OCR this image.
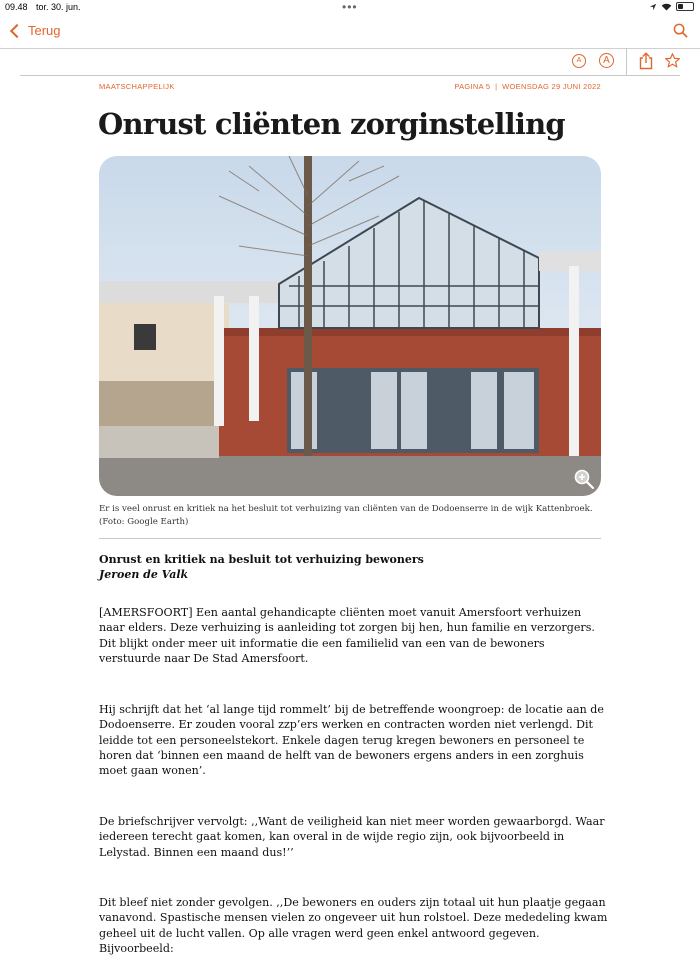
09.48 tor. 30. jun.	•••
Terug
A	A
MAATSCHAPPELIJK	PAGINA 5  |  WOENSDAG 29 JUNI 2022
Onrust cliënten zorginstelling
Er is veel onrust en kritiek na het besluit tot verhuizing van cliënten van de Dodoenserre in de wijk Kattenbroek. (Foto: Google Earth)
Onrust en kritiek na besluit tot verhuizing bewoners
Jeroen de Valk

[AMERSFOORT] Een aantal gehandicapte cliënten moet vanuit Amersfoort verhuizen naar elders. Deze verhuizing is aanleiding tot zorgen bij hen, hun familie en verzorgers. Dit blijkt onder meer uit informatie die een familielid van een van de bewoners verstuurde naar De Stad Amersfoort.

Hij schrijft dat het ‘al lange tijd rommelt’ bij de betreffende woongroep: de locatie aan de Dodoenserre. Er zouden vooral zzp’ers werken en contracten worden niet verlengd. Dit leidde tot een personeelstekort. Enkele dagen terug kregen bewoners en personeel te horen dat ‘binnen een maand de helft van de bewoners ergens anders in een zorghuis moet gaan wonen’.

De briefschrijver vervolgt: ,,Want de veiligheid kan niet meer worden gewaarborgd. Waar iedereen terecht gaat komen, kan overal in de wijde regio zijn, ook bijvoorbeeld in Lelystad. Binnen een maand dus!’’

Dit bleef niet zonder gevolgen. ,,De bewoners en ouders zijn totaal uit hun plaatje gegaan vanavond. Spastische mensen vielen zo ongeveer uit hun rolstoel. Deze mededeling kwam geheel uit de lucht vallen. Op alle vragen werd geen enkel antwoord gegeven. Bijvoorbeeld:
